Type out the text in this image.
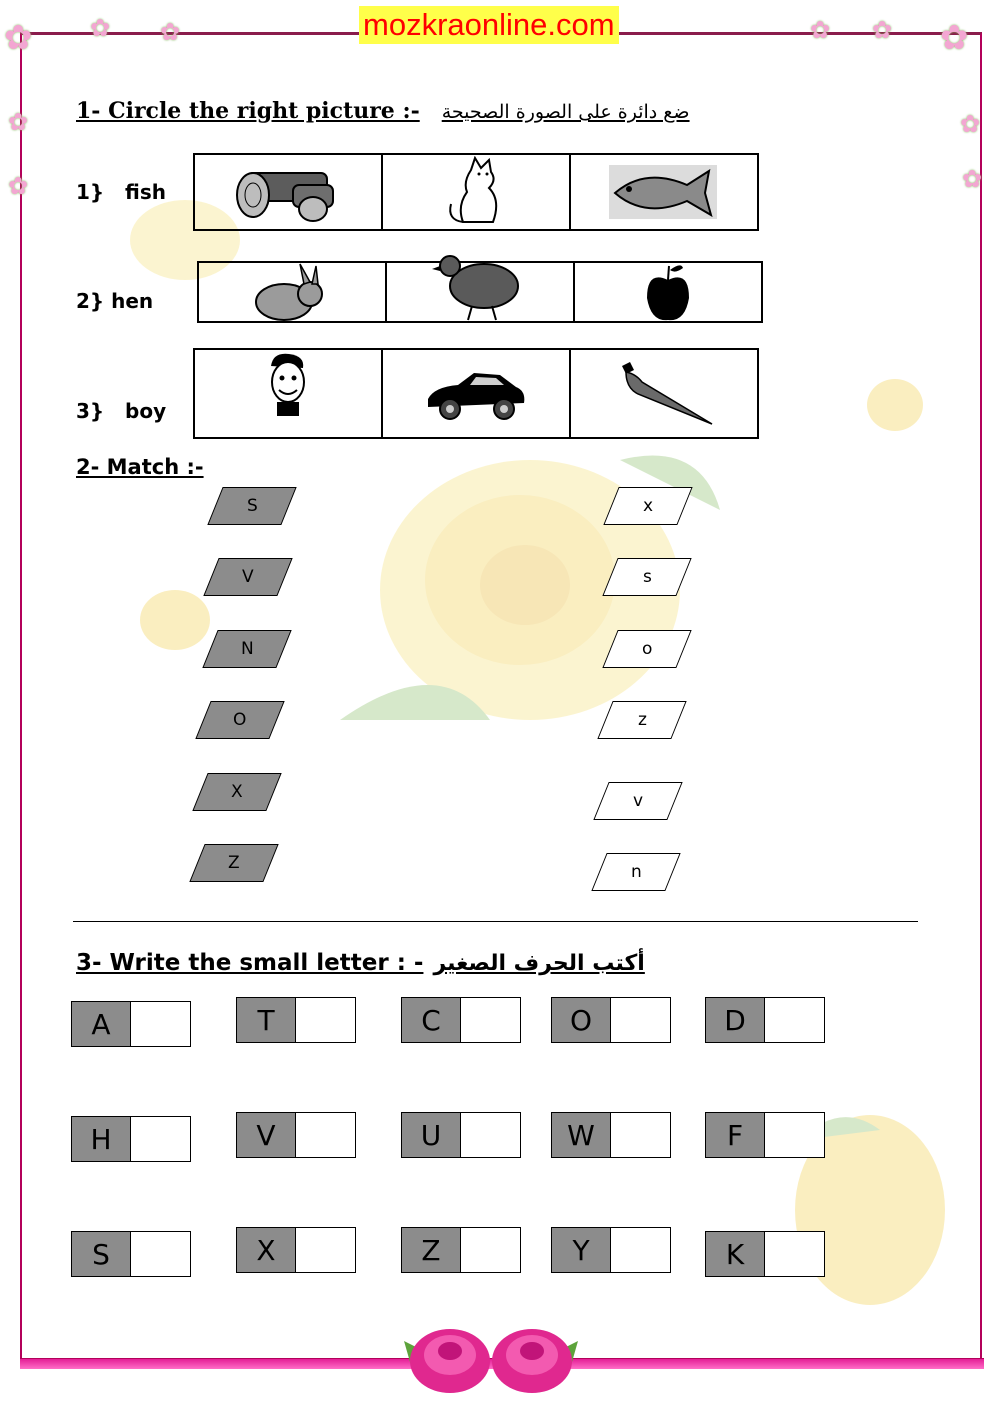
✿ ✿ ✿
✿
✿
✿
✿ ✿
✿
✿
mozkraonline.com
1- Circle the right picture :- ضع دائرة على الصورة الصحيحة
1}   fish
2} hen
3}   boy
2- Match :-
S
V
N
O
X
Z
x
s
o
z
v
n
3- Write the small letter : - أكتب الحرف الصغير
A	T	C	O	D
H	V	U	W	F
S	X	Z	Y	K
